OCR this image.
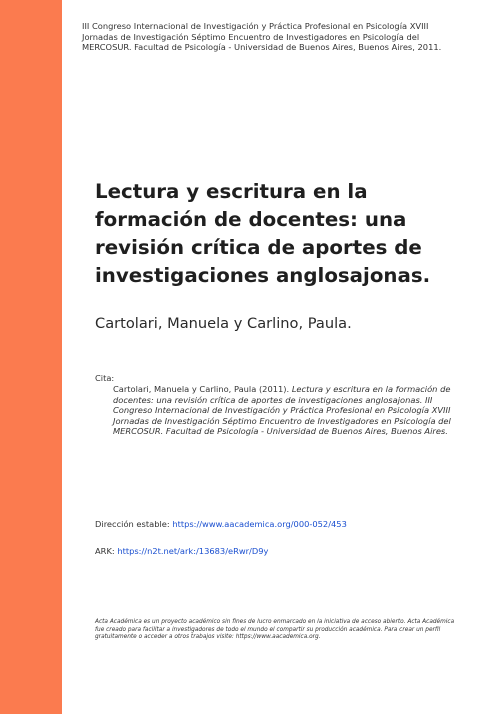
III Congreso Internacional de Investigación y Práctica Profesional en Psicología XVIII Jornadas de Investigación Séptimo Encuentro de Investigadores en Psicología del MERCOSUR. Facultad de Psicología - Universidad de Buenos Aires, Buenos Aires, 2011.
Lectura y escritura en la formación de docentes: una revisión crítica de aportes de investigaciones anglosajonas.
Cartolari, Manuela y Carlino, Paula.
Cita:
Cartolari, Manuela y Carlino, Paula (2011). Lectura y escritura en la formación de docentes: una revisión crítica de aportes de investigaciones anglosajonas. III Congreso Internacional de Investigación y Práctica Profesional en Psicología XVIII Jornadas de Investigación Séptimo Encuentro de Investigadores en Psicología del MERCOSUR. Facultad de Psicología - Universidad de Buenos Aires, Buenos Aires.
Dirección estable: https://www.aacademica.org/000-052/453
ARK: https://n2t.net/ark:/13683/eRwr/D9y
Acta Académica es un proyecto académico sin fines de lucro enmarcado en la iniciativa de acceso abierto. Acta Académica fue creado para facilitar a investigadores de todo el mundo el compartir su producción académica. Para crear un perfil gratuitamente o acceder a otros trabajos visite: https://www.aacademica.org.
